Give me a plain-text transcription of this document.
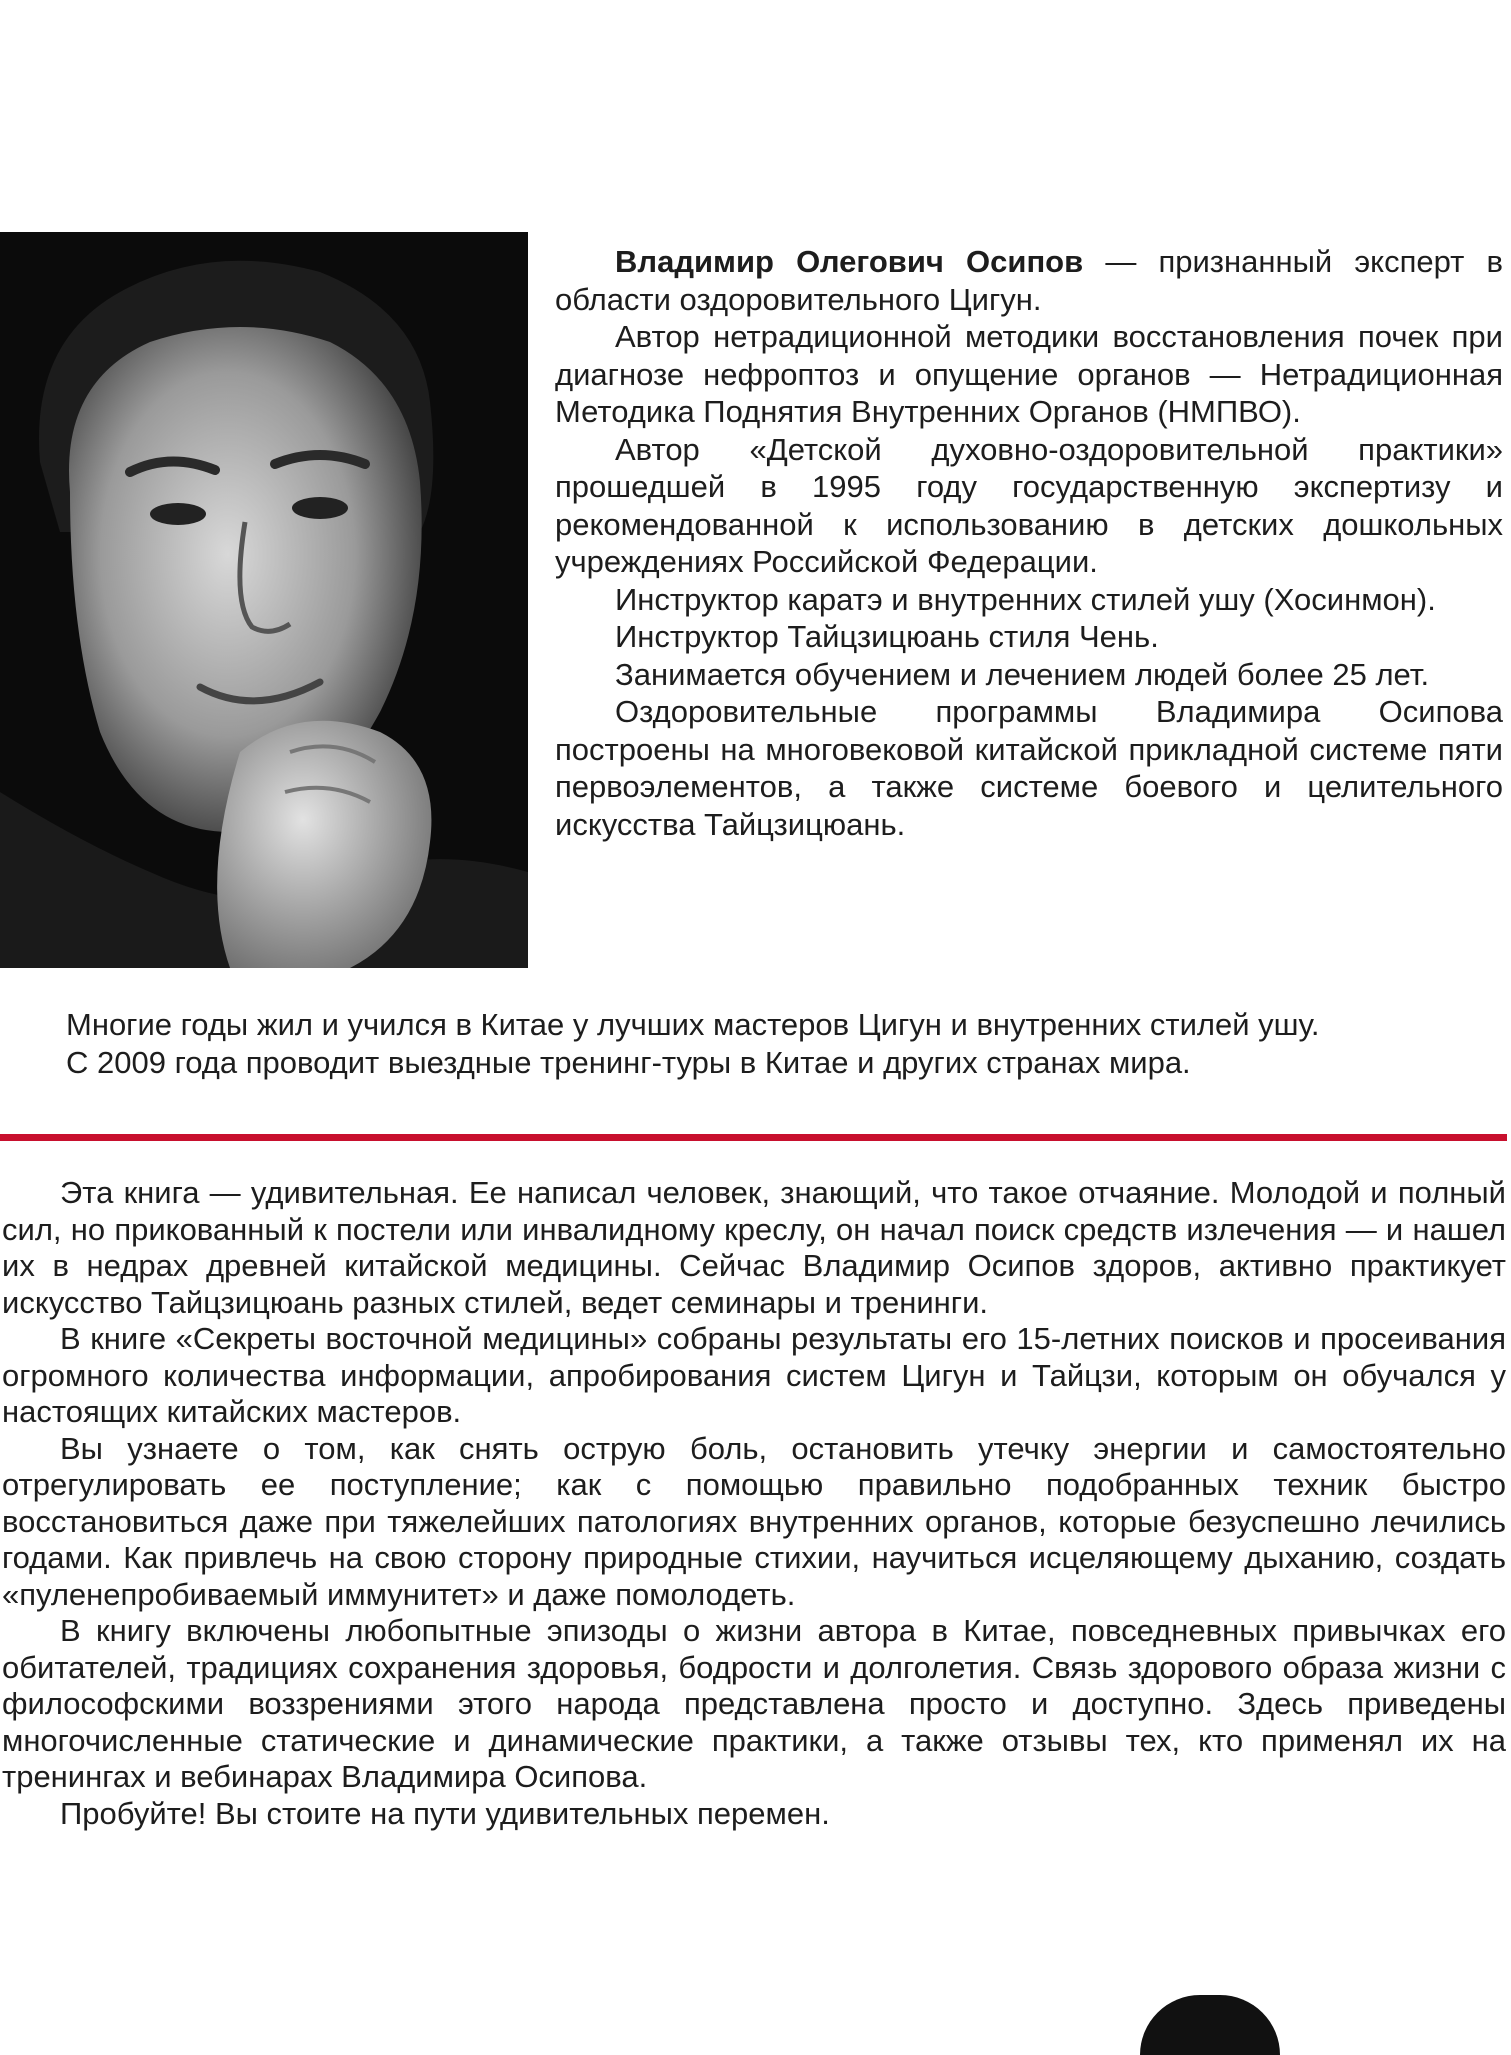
Владимир Олегович Осипов — признанный эксперт в области оздоровительного Цигун.

Автор нетрадиционной методики восстановления почек при диагнозе нефроптоз и опущение органов — Нетрадиционная Методика Поднятия Внутренних Органов (НМПВО).

Автор «Детской духовно-оздоровительной практики» прошедшей в 1995 году государственную экспертизу и рекомендованной к использованию в детских дошкольных учреждениях Российской Федерации.

Инструктор каратэ и внутренних стилей ушу (Хосинмон).

Инструктор Тайцзицюань стиля Чень.

Занимается обучением и лечением людей более 25 лет.

Оздоровительные программы Владимира Осипова построены на многовековой китайской прикладной системе пяти первоэлементов, а также системе боевого и целительного искусства Тайцзицюань.

Многие годы жил и учился в Китае у лучших мастеров Цигун и внутренних стилей ушу.

С 2009 года проводит выездные тренинг-туры в Китае и других странах мира.

Эта книга — удивительная. Ее написал человек, знающий, что такое отчаяние. Молодой и полный сил, но прикованный к постели или инвалидному креслу, он начал поиск средств излечения — и нашел их в недрах древней китайской медицины. Сейчас Владимир Осипов здоров, активно практикует искусство Тайцзицюань разных стилей, ведет семинары и тренинги.

В книге «Секреты восточной медицины» собраны результаты его 15-летних поисков и просеивания огромного количества информации, апробирования систем Цигун и Тайцзи, которым он обучался у настоящих китайских мастеров.

Вы узнаете о том, как снять острую боль, остановить утечку энергии и самостоятельно отрегулировать ее поступление; как с помощью правильно подобранных техник быстро восстановиться даже при тяжелейших патологиях внутренних органов, которые безуспешно лечились годами. Как привлечь на свою сторону природные стихии, научиться исцеляющему дыханию, создать «пуленепробиваемый иммунитет» и даже помолодеть.

В книгу включены любопытные эпизоды о жизни автора в Китае, повседневных привычках его обитателей, традициях сохранения здоровья, бодрости и долголетия. Связь здорового образа жизни с философскими воззрениями этого народа представлена просто и доступно. Здесь приведены многочисленные статические и динамические практики, а также отзывы тех, кто применял их на тренингах и вебинарах Владимира Осипова.

Пробуйте! Вы стоите на пути удивительных перемен.
